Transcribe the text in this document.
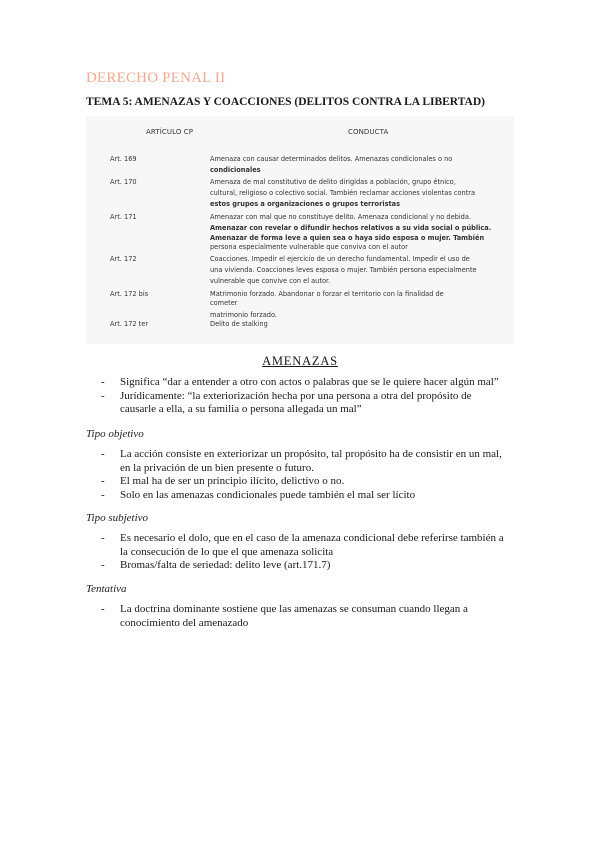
DERECHO PENAL II
TEMA 5: AMENAZAS Y COACCIONES (DELITOS CONTRA LA LIBERTAD)
ARTÍCULO CP	CONDUCTA
Art. 169	Amenaza con causar determinados delitos. Amenazas condicionales o no
condicionales
Art. 170	Amenaza de mal constitutivo de delito dirigidas a población, grupo étnico,
cultural, religioso o colectivo social. También reclamar acciones violentas contra
estos grupos a organizaciones o grupos terroristas
Art. 171	Amenazar con mal que no constituye delito. Amenaza condicional y no debida.
Amenazar con revelar o difundir hechos relativos a su vida social o pública.
Amenazar de forma leve a quien sea o haya sido esposa o mujer. También
persona especialmente vulnerable que conviva con el autor
Art. 172	Coacciones. Impedir el ejercicio de un derecho fundamental. Impedir el uso de
una vivienda. Coacciones leves esposa o mujer. También persona especialmente
vulnerable que convive con el autor.
Art. 172 bis	Matrimonio forzado. Abandonar o forzar el territorio con la finalidad de
cometer
matrimonio forzado.
Art. 172 ter	Delito de stalking
AMENAZAS
- Significa “dar a entender a otro con actos o palabras que se le quiere hacer algún mal”
- Jurídicamente: “la exteriorización hecha por una persona a otra del propósito de
causarle a ella, a su familia o persona allegada un mal”
Tipo objetivo
- La acción consiste en exteriorizar un propósito, tal propósito ha de consistir en un mal,
en la privación de un bien presente o futuro.
- El mal ha de ser un principio ilícito, delictivo o no.
- Solo en las amenazas condicionales puede también el mal ser lícito
Tipo subjetivo
- Es necesario el dolo, que en el caso de la amenaza condicional debe referirse también a
la consecución de lo que el que amenaza solicita
- Bromas/falta de seriedad: delito leve (art.171.7)
Tentativa
- La doctrina dominante sostiene que las amenazas se consuman cuando llegan a
conocimiento del amenazado
